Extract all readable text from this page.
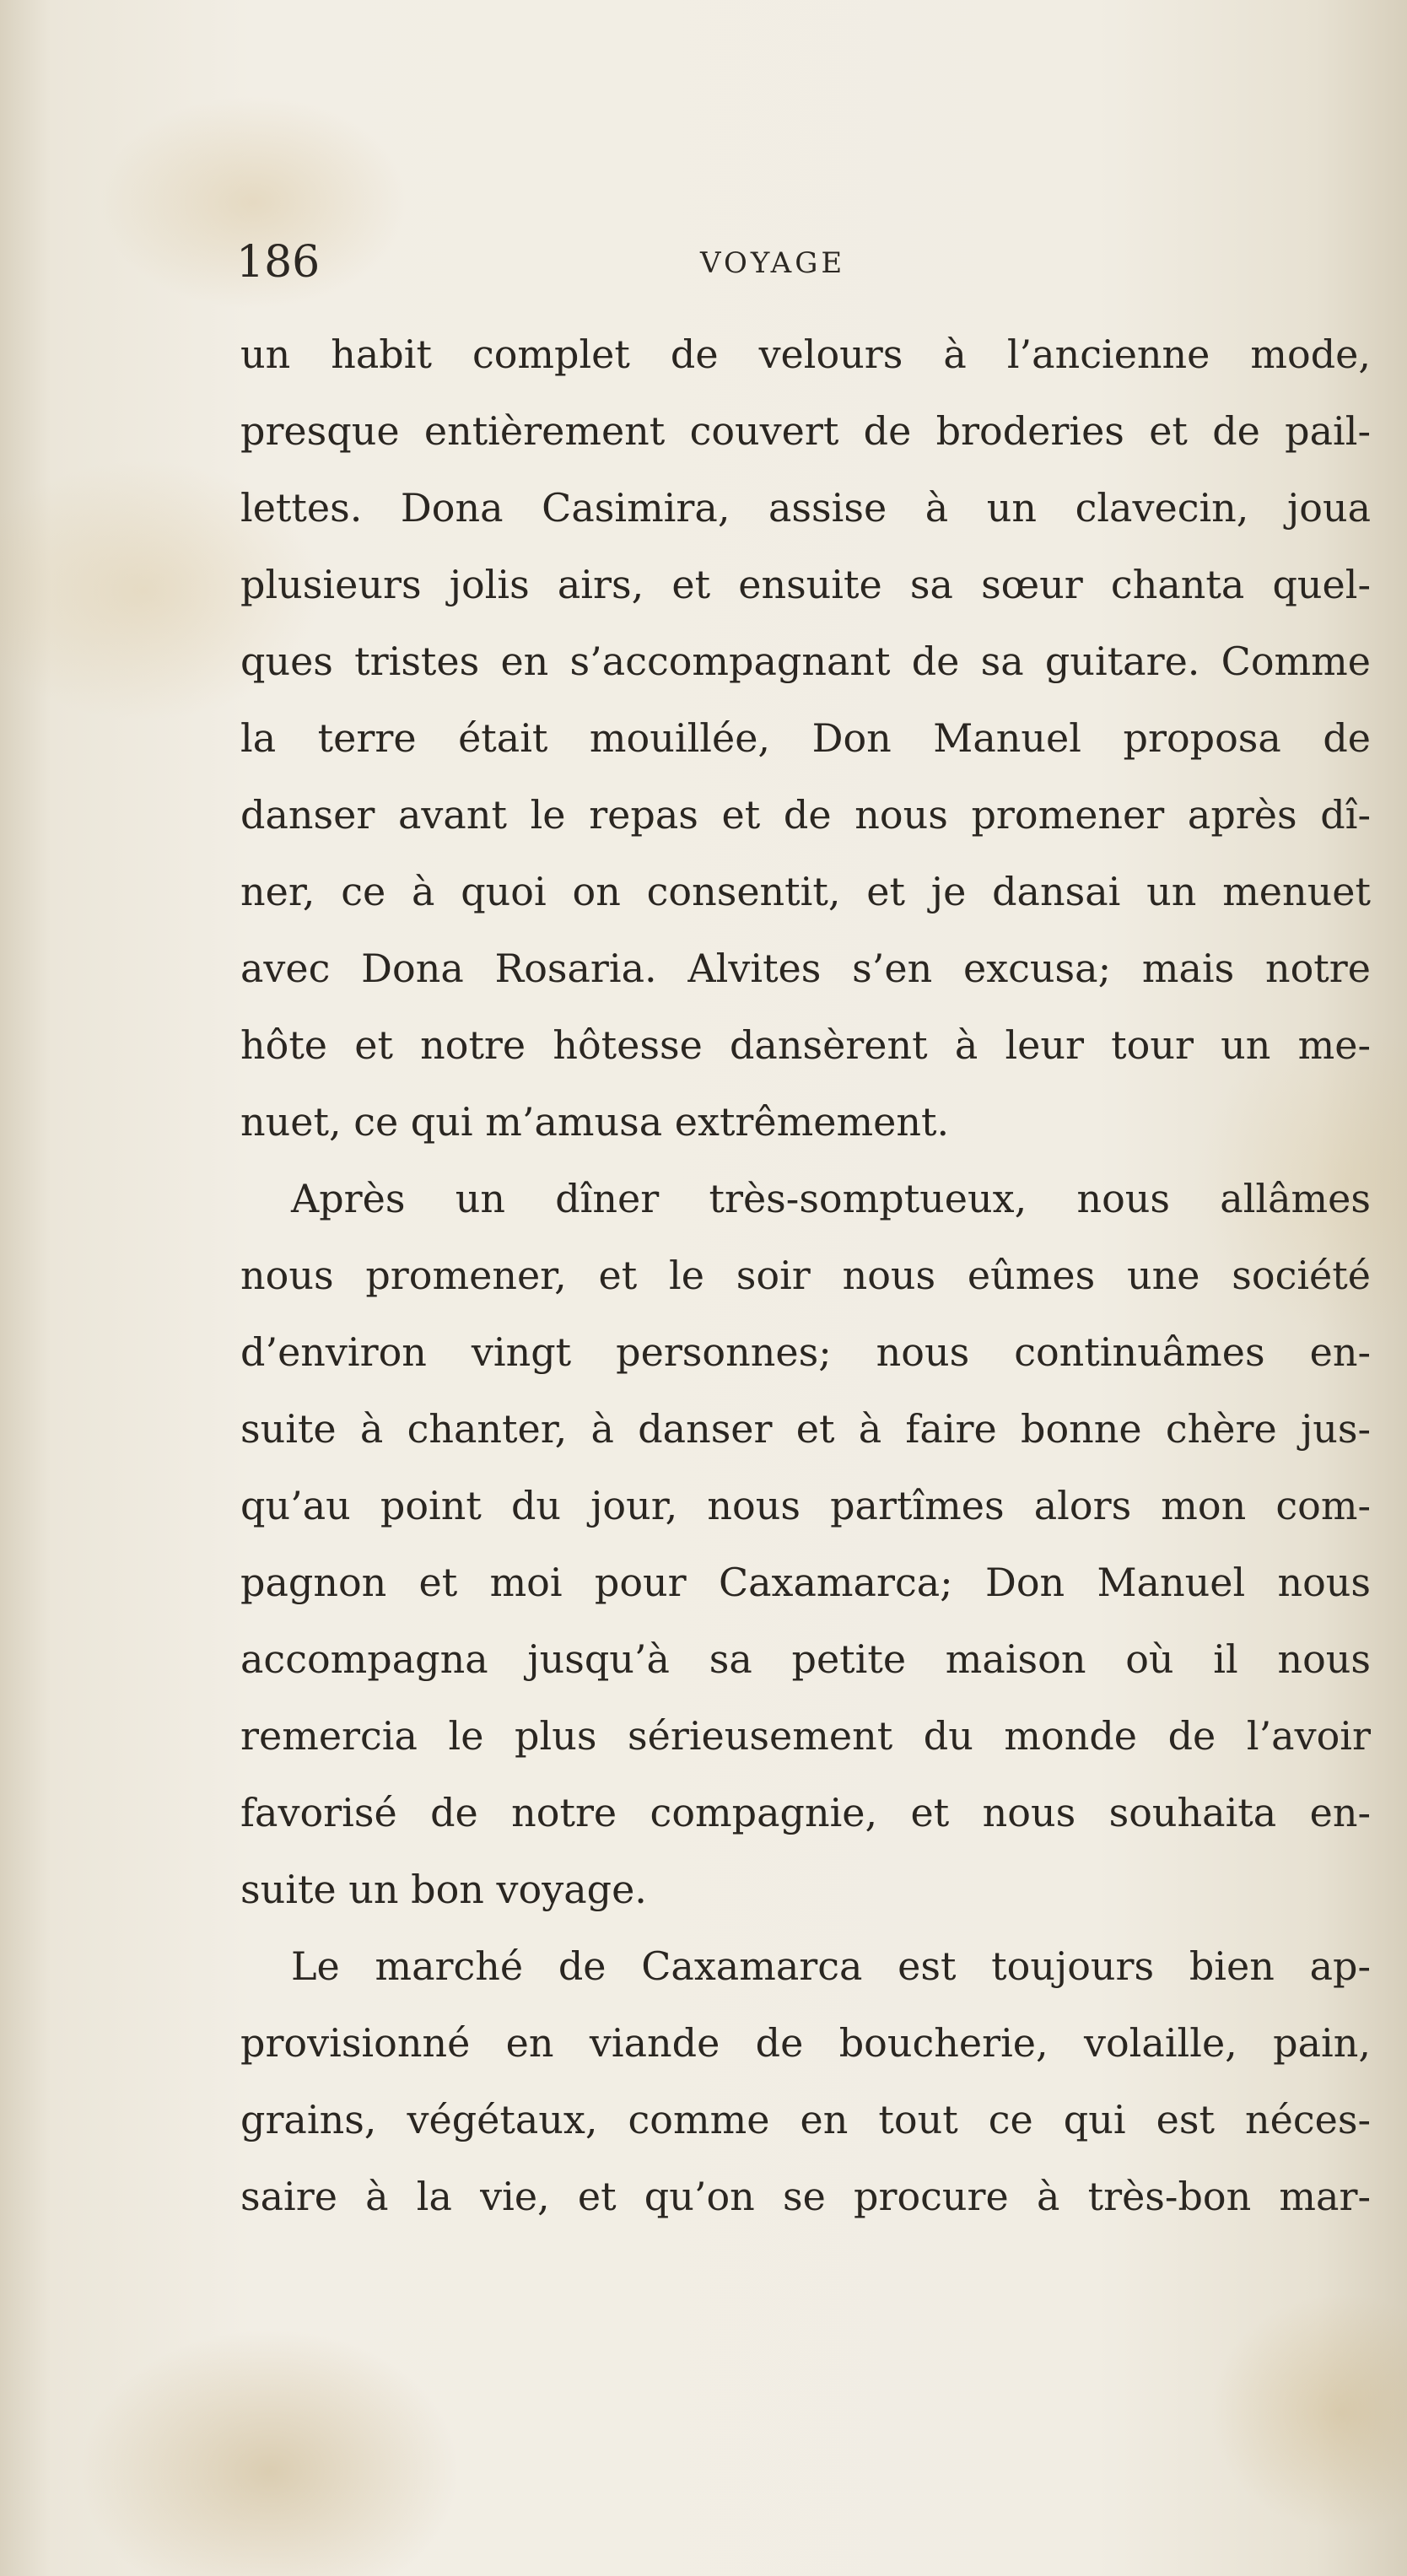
186	VOYAGE
un habit complet de velours à l’ancienne mode,
presque entièrement couvert de broderies et de pail-
lettes. Dona Casimira, assise à un clavecin, joua
plusieurs jolis airs, et ensuite sa sœur chanta quel-
ques tristes en s’accompagnant de sa guitare. Comme
la terre était mouillée, Don Manuel proposa de
danser avant le repas et de nous promener après dî-
ner, ce à quoi on consentit, et je dansai un menuet
avec Dona Rosaria. Alvites s’en excusa; mais notre
hôte et notre hôtesse dansèrent à leur tour un me-
nuet, ce qui m’amusa extrêmement.
Après un dîner très-somptueux, nous allâmes
nous promener, et le soir nous eûmes une société
d’environ vingt personnes; nous continuâmes en-
suite à chanter, à danser et à faire bonne chère jus-
qu’au point du jour, nous partîmes alors mon com-
pagnon et moi pour Caxamarca; Don Manuel nous
accompagna jusqu’à sa petite maison où il nous
remercia le plus sérieusement du monde de l’avoir
favorisé de notre compagnie, et nous souhaita en-
suite un bon voyage.
Le marché de Caxamarca est toujours bien ap-
provisionné en viande de boucherie, volaille, pain,
grains, végétaux, comme en tout ce qui est néces-
saire à la vie, et qu’on se procure à très-bon mar-
